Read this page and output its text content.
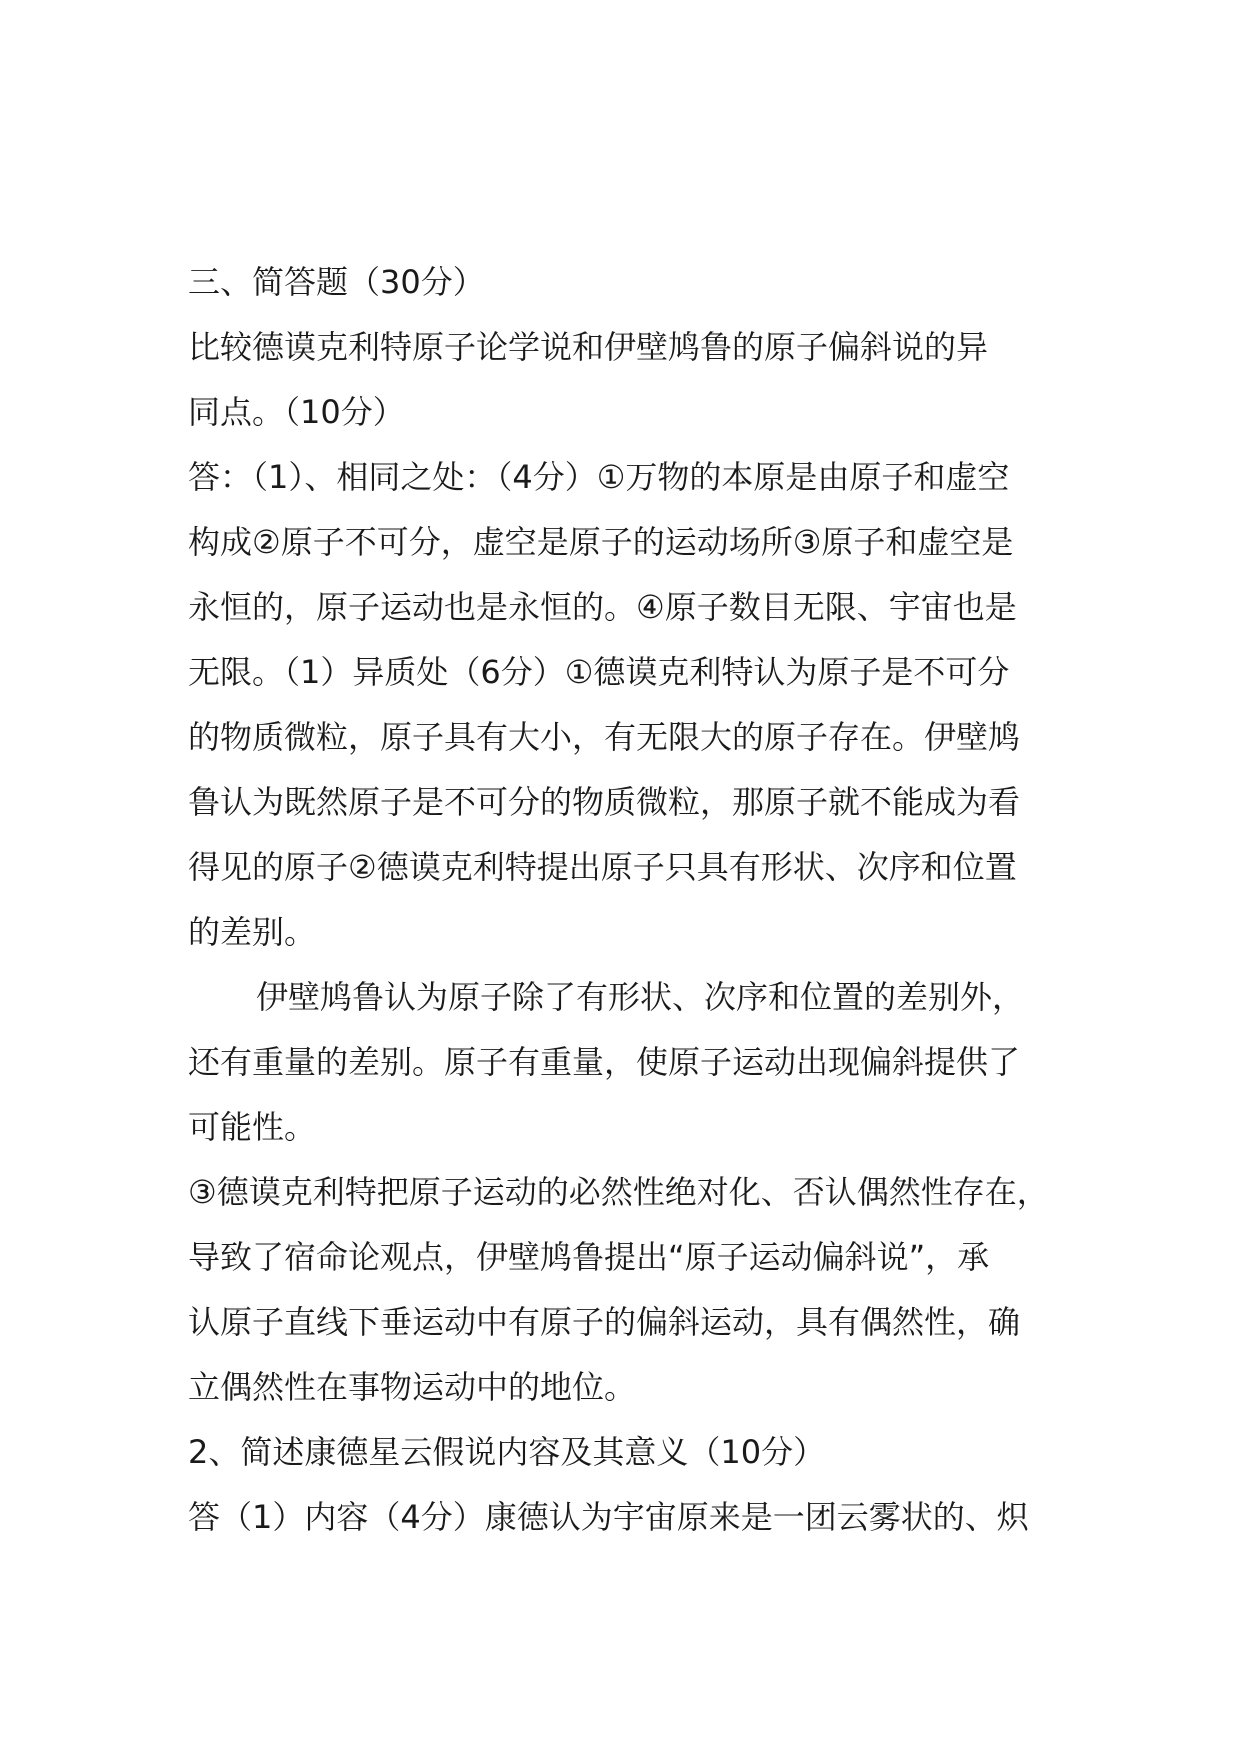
三、简答题（30分）
比较德谟克利特原子论学说和伊壁鸠鲁的原子偏斜说的异
同点。（10分）
答：（1）、相同之处：（4分）①万物的本原是由原子和虚空
构成②原子不可分，虚空是原子的运动场所③原子和虚空是
永恒的，原子运动也是永恒的。④原子数目无限、宇宙也是
无限。（1）异质处（6分）①德谟克利特认为原子是不可分
的物质微粒，原子具有大小，有无限大的原子存在。伊壁鸠
鲁认为既然原子是不可分的物质微粒，那原子就不能成为看
得见的原子②德谟克利特提出原子只具有形状、次序和位置
的差别。
伊壁鸠鲁认为原子除了有形状、次序和位置的差别外，
还有重量的差别。原子有重量，使原子运动出现偏斜提供了
可能性。
③德谟克利特把原子运动的必然性绝对化、否认偶然性存在，
导致了宿命论观点，伊壁鸠鲁提出“原子运动偏斜说”，承
认原子直线下垂运动中有原子的偏斜运动，具有偶然性，确
立偶然性在事物运动中的地位。
2、简述康德星云假说内容及其意义（10分）
答（1）内容（4分）康德认为宇宙原来是一团云雾状的、炽
